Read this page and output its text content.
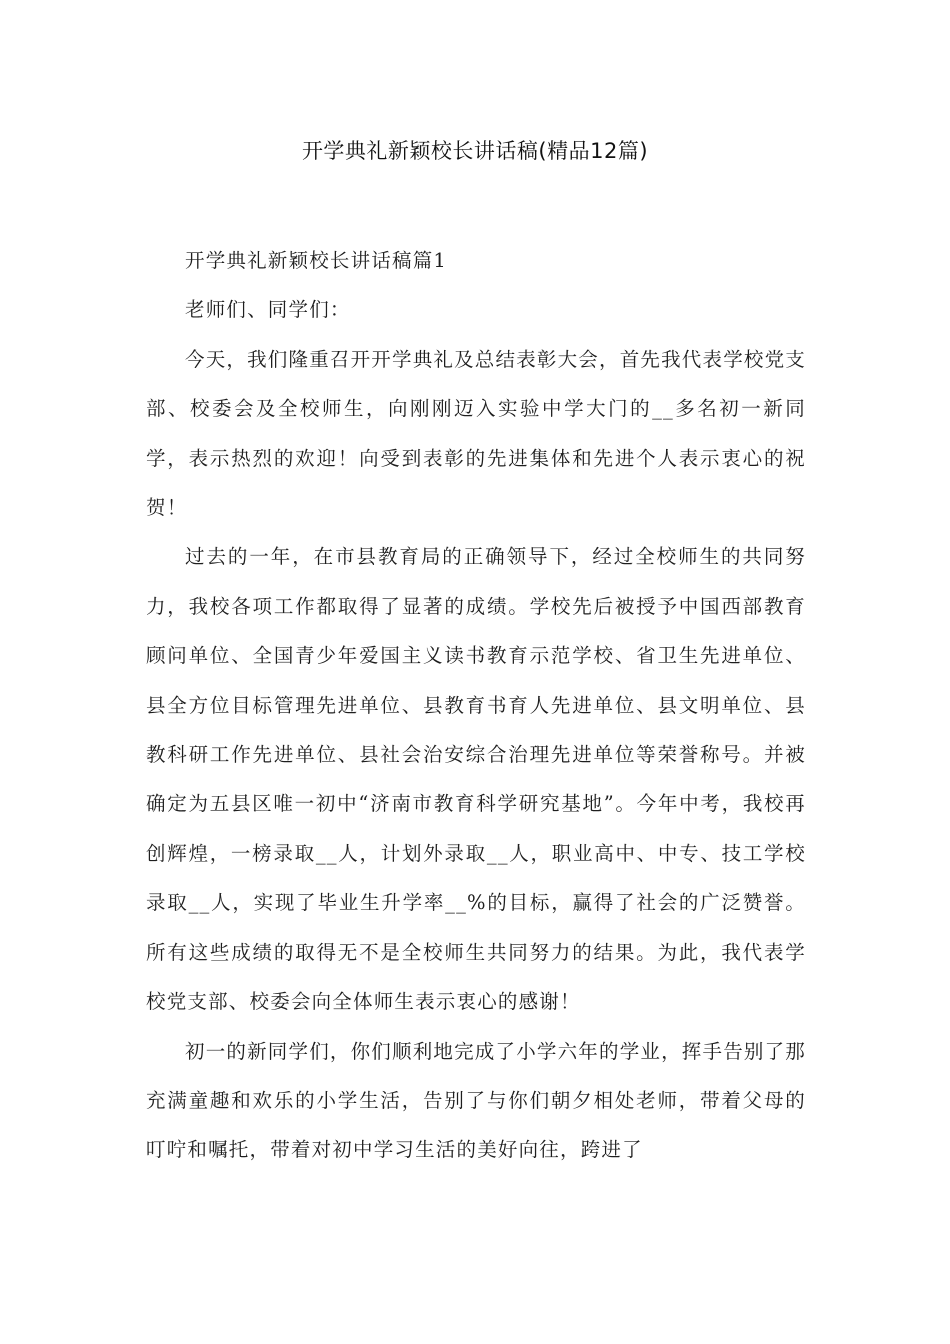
开学典礼新颖校长讲话稿(精品12篇)

开学典礼新颖校长讲话稿篇1

老师们、同学们：

今天，我们隆重召开开学典礼及总结表彰大会，首先我代表学校党支部、校委会及全校师生，向刚刚迈入实验中学大门的__多名初一新同学，表示热烈的欢迎！向受到表彰的先进集体和先进个人表示衷心的祝贺！

过去的一年，在市县教育局的正确领导下，经过全校师生的共同努力，我校各项工作都取得了显著的成绩。学校先后被授予中国西部教育顾问单位、全国青少年爱国主义读书教育示范学校、省卫生先进单位、县全方位目标管理先进单位、县教育书育人先进单位、县文明单位、县教科研工作先进单位、县社会治安综合治理先进单位等荣誉称号。并被确定为五县区唯一初中“济南市教育科学研究基地”。今年中考，我校再创辉煌，一榜录取__人，计划外录取__人，职业高中、中专、技工学校录取__人，实现了毕业生升学率__%的目标，赢得了社会的广泛赞誉。所有这些成绩的取得无不是全校师生共同努力的结果。为此，我代表学校党支部、校委会向全体师生表示衷心的感谢！

初一的新同学们，你们顺利地完成了小学六年的学业，挥手告别了那充满童趣和欢乐的小学生活，告别了与你们朝夕相处老师，带着父母的叮咛和嘱托，带着对初中学习生活的美好向往，跨进了
